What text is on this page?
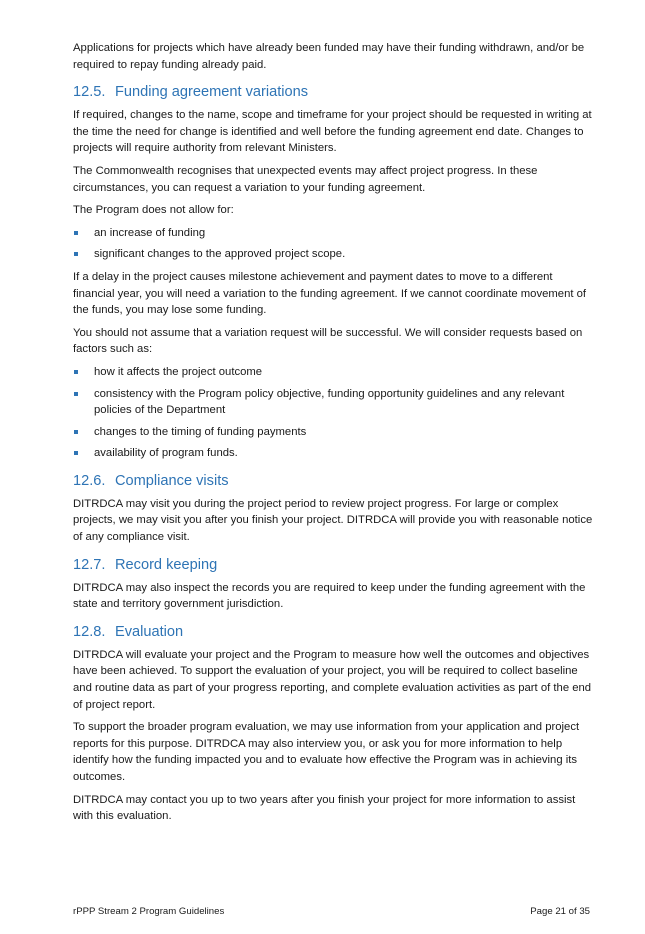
Applications for projects which have already been funded may have their funding withdrawn, and/or be required to repay funding already paid.

12.5. Funding agreement variations

If required, changes to the name, scope and timeframe for your project should be requested in writing at the time the need for change is identified and well before the funding agreement end date. Changes to projects will require authority from relevant Ministers.

The Commonwealth recognises that unexpected events may affect project progress. In these circumstances, you can request a variation to your funding agreement.

The Program does not allow for:

an increase of funding
significant changes to the approved project scope.

If a delay in the project causes milestone achievement and payment dates to move to a different financial year, you will need a variation to the funding agreement. If we cannot coordinate movement of the funds, you may lose some funding.

You should not assume that a variation request will be successful. We will consider requests based on factors such as:

how it affects the project outcome
consistency with the Program policy objective, funding opportunity guidelines and any relevant policies of the Department
changes to the timing of funding payments
availability of program funds.
12.6. Compliance visits

DITRDCA may visit you during the project period to review project progress. For large or complex projects, we may visit you after you finish your project. DITRDCA will provide you with reasonable notice of any compliance visit.

12.7. Record keeping

DITRDCA may also inspect the records you are required to keep under the funding agreement with the state and territory government jurisdiction.

12.8. Evaluation

DITRDCA will evaluate your project and the Program to measure how well the outcomes and objectives have been achieved. To support the evaluation of your project, you will be required to collect baseline and routine data as part of your progress reporting, and complete evaluation activities as part of the end of project report.

To support the broader program evaluation, we may use information from your application and project reports for this purpose. DITRDCA may also interview you, or ask you for more information to help identify how the funding impacted you and to evaluate how effective the Program was in achieving its outcomes.

DITRDCA may contact you up to two years after you finish your project for more information to assist with this evaluation.

rPPP Stream 2 Program Guidelines	Page 21 of 35
